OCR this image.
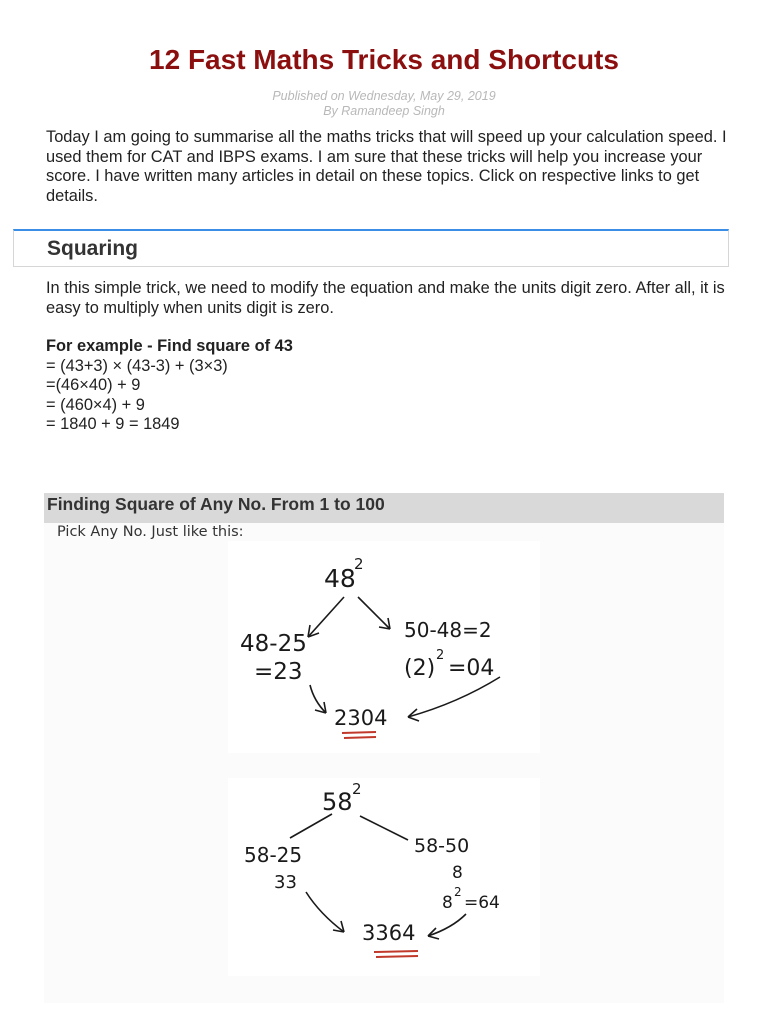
12 Fast Maths Tricks and Shortcuts
Published on Wednesday, May 29, 2019
By Ramandeep Singh

Today I am going to summarise all the maths tricks that will speed up your calculation speed. I used them for CAT and IBPS exams. I am sure that these tricks will help you increase your score. I have written many articles in detail on these topics. Click on respective links to get details.

Squaring

In this simple trick, we need to modify the equation and make the units digit zero. After all, it is easy to multiply when units digit is zero.

For example - Find square of 43
= (43+3) × (43-3) + (3×3)
=(46×40) + 9
= (460×4) + 9
= 1840 + 9 = 1849
Finding Square of Any No. From 1 to 100
Pick Any No. Just like this:
48
2
48-25
=23
50-48=2
(2)
2
=04
2304
58 2
58-25
33
58-50
8
8
2
=64
3364
